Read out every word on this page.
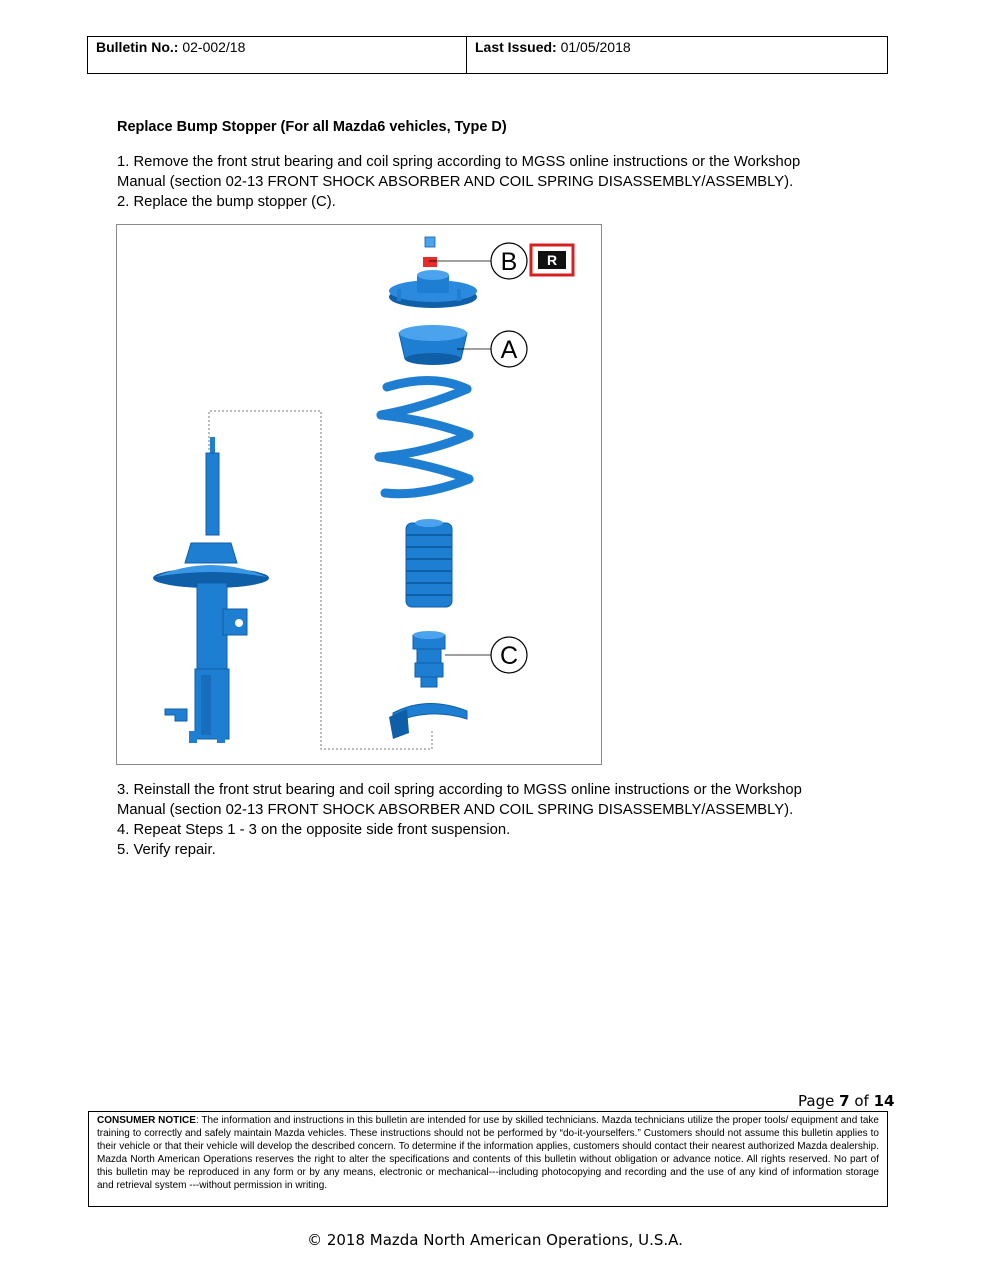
Bulletin No.: 02-002/18	Last Issued: 01/05/2018
Replace Bump Stopper (For all Mazda6 vehicles, Type D)

1. Remove the front strut bearing and coil spring according to MGSS online instructions or the Workshop

Manual (section 02-13 FRONT SHOCK ABSORBER AND COIL SPRING DISASSEMBLY/ASSEMBLY).

2. Replace the bump stopper (C).

B R
A
C

3. Reinstall the front strut bearing and coil spring according to MGSS online instructions or the Workshop

Manual (section 02-13 FRONT SHOCK ABSORBER AND COIL SPRING DISASSEMBLY/ASSEMBLY).

4. Repeat Steps 1 - 3 on the opposite side front suspension.

5. Verify repair.

Page 7 of 14
CONSUMER NOTICE: The information and instructions in this bulletin are intended for use by skilled technicians. Mazda technicians utilize the proper tools/ equipment and take training to correctly and safely maintain Mazda vehicles. These instructions should not be performed by “do-it-yourselfers.” Customers should not assume this bulletin applies to their vehicle or that their vehicle will develop the described concern. To determine if the information applies, customers should contact their nearest authorized Mazda dealership. Mazda North American Operations reserves the right to alter the specifications and contents of this bulletin without obligation or advance notice. All rights reserved. No part of this bulletin may be reproduced in any form or by any means, electronic or mechanical---including photocopying and recording and the use of any kind of information storage and retrieval system ---without permission in writing.
© 2018 Mazda North American Operations, U.S.A.
